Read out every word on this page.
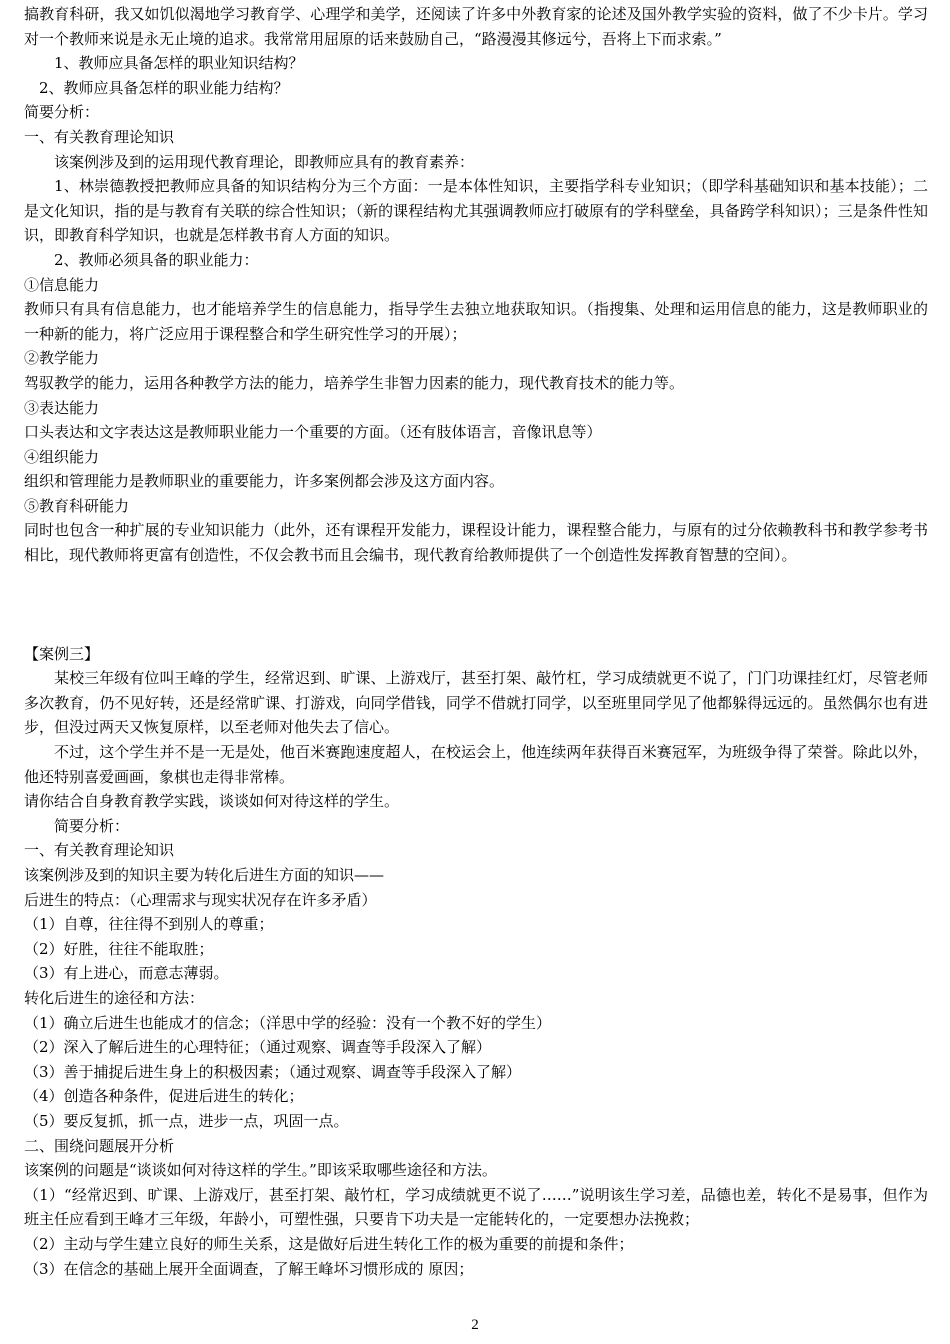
搞教育科研，我又如饥似渴地学习教育学、心理学和美学，还阅读了许多中外教育家的论述及国外教学实验的资料，做了不少卡片。学习对一个教师来说是永无止境的追求。我常常用屈原的话来鼓励自己，“路漫漫其修远兮，吾将上下而求索。”

1、教师应具备怎样的职业知识结构？

2、教师应具备怎样的职业能力结构？

简要分析：

一、有关教育理论知识

该案例涉及到的运用现代教育理论，即教师应具有的教育素养：

1、林崇德教授把教师应具备的知识结构分为三个方面：一是本体性知识，主要指学科专业知识；（即学科基础知识和基本技能）；二是文化知识，指的是与教育有关联的综合性知识；（新的课程结构尤其强调教师应打破原有的学科壁垒，具备跨学科知识）；三是条件性知识，即教育科学知识，也就是怎样教书育人方面的知识。

2、教师必须具备的职业能力：

①信息能力

教师只有具有信息能力，也才能培养学生的信息能力，指导学生去独立地获取知识。（指搜集、处理和运用信息的能力，这是教师职业的一种新的能力，将广泛应用于课程整合和学生研究性学习的开展）；

②教学能力

驾驭教学的能力，运用各种教学方法的能力，培养学生非智力因素的能力，现代教育技术的能力等。

③表达能力

口头表达和文字表达这是教师职业能力一个重要的方面。（还有肢体语言，音像讯息等）

④组织能力

组织和管理能力是教师职业的重要能力，许多案例都会涉及这方面内容。

⑤教育科研能力

同时也包含一种扩展的专业知识能力（此外，还有课程开发能力，课程设计能力，课程整合能力，与原有的过分依赖教科书和教学参考书相比，现代教师将更富有创造性，不仅会教书而且会编书，现代教育给教师提供了一个创造性发挥教育智慧的空间）。

【案例三】

某校三年级有位叫王峰的学生，经常迟到、旷课、上游戏厅，甚至打架、敲竹杠，学习成绩就更不说了，门门功课挂红灯，尽管老师多次教育，仍不见好转，还是经常旷课、打游戏，向同学借钱，同学不借就打同学，以至班里同学见了他都躲得远远的。虽然偶尔也有进步，但没过两天又恢复原样，以至老师对他失去了信心。

不过，这个学生并不是一无是处，他百米赛跑速度超人，在校运会上，他连续两年获得百米赛冠军，为班级争得了荣誉。除此以外，他还特别喜爱画画，象棋也走得非常棒。

请你结合自身教育教学实践，谈谈如何对待这样的学生。

简要分析：

一、有关教育理论知识

该案例涉及到的知识主要为转化后进生方面的知识——

后进生的特点：（心理需求与现实状况存在许多矛盾）

（1）自尊，往往得不到别人的尊重；

（2）好胜，往往不能取胜；

（3）有上进心，而意志薄弱。

转化后进生的途径和方法：

（1）确立后进生也能成才的信念；（洋思中学的经验：没有一个教不好的学生）

（2）深入了解后进生的心理特征；（通过观察、调查等手段深入了解）

（3）善于捕捉后进生身上的积极因素；（通过观察、调查等手段深入了解）

（4）创造各种条件，促进后进生的转化；

（5）要反复抓，抓一点，进步一点，巩固一点。

二、围绕问题展开分析

该案例的问题是“谈谈如何对待这样的学生。”即该采取哪些途径和方法。

（1）“经常迟到、旷课、上游戏厅，甚至打架、敲竹杠，学习成绩就更不说了……”说明该生学习差，品德也差，转化不是易事，但作为班主任应看到王峰才三年级，年龄小，可塑性强，只要肯下功夫是一定能转化的，一定要想办法挽救；

（2）主动与学生建立良好的师生关系，这是做好后进生转化工作的极为重要的前提和条件；

（3）在信念的基础上展开全面调查，了解王峰坏习惯形成的 原因；

2
